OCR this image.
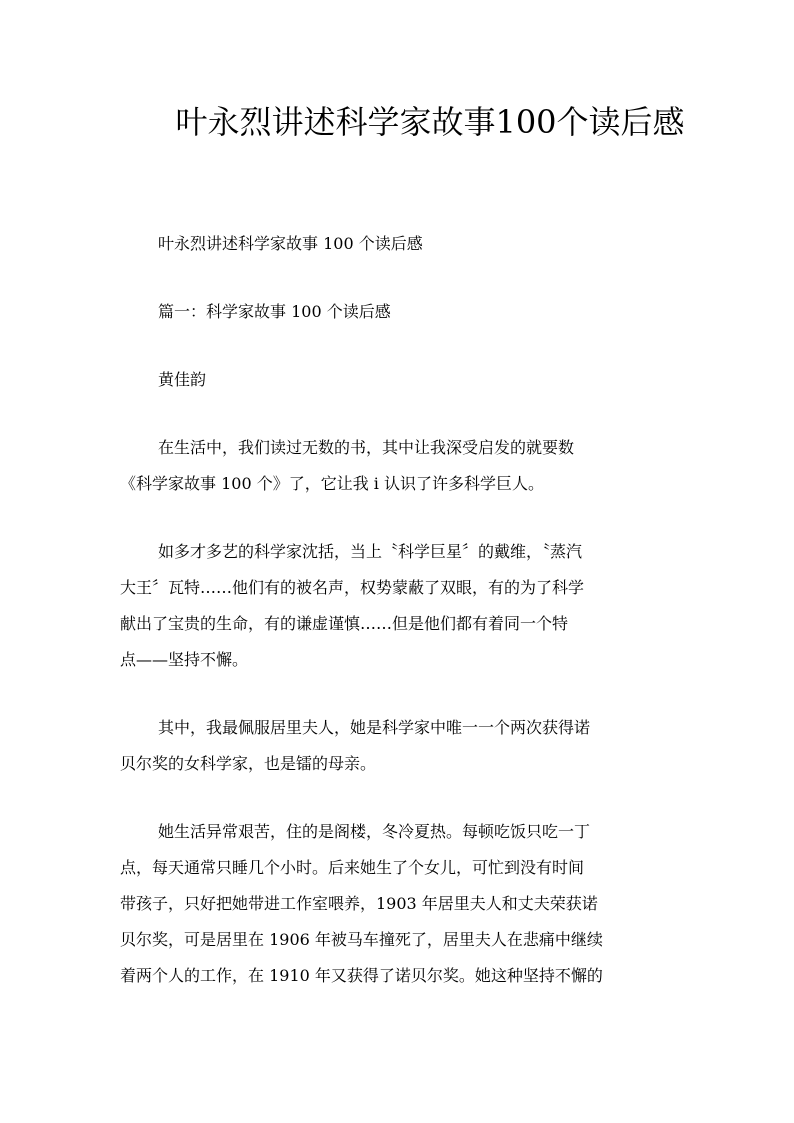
叶永烈讲述科学家故事100个读后感

叶永烈讲述科学家故事 100 个读后感

篇一：科学家故事 100 个读后感

黄佳韵

在生活中，我们读过无数的书，其中让我深受启发的就要数

《科学家故事 100 个》了，它让我 i 认识了许多科学巨人。

如多才多艺的科学家沈括，当上〝科学巨星〞的戴维，〝蒸汽

大王〞瓦特……他们有的被名声，权势蒙蔽了双眼，有的为了科学

献出了宝贵的生命，有的谦虚谨慎……但是他们都有着同一个特

点——坚持不懈。

其中，我最佩服居里夫人，她是科学家中唯一一个两次获得诺

贝尔奖的女科学家，也是镭的母亲。

她生活异常艰苦，住的是阁楼，冬冷夏热。每顿吃饭只吃一丁

点，每天通常只睡几个小时。后来她生了个女儿，可忙到没有时间

带孩子，只好把她带进工作室喂养，1903 年居里夫人和丈夫荣获诺

贝尔奖，可是居里在 1906 年被马车撞死了，居里夫人在悲痛中继续

着两个人的工作，在 1910 年又获得了诺贝尔奖。她这种坚持不懈的
